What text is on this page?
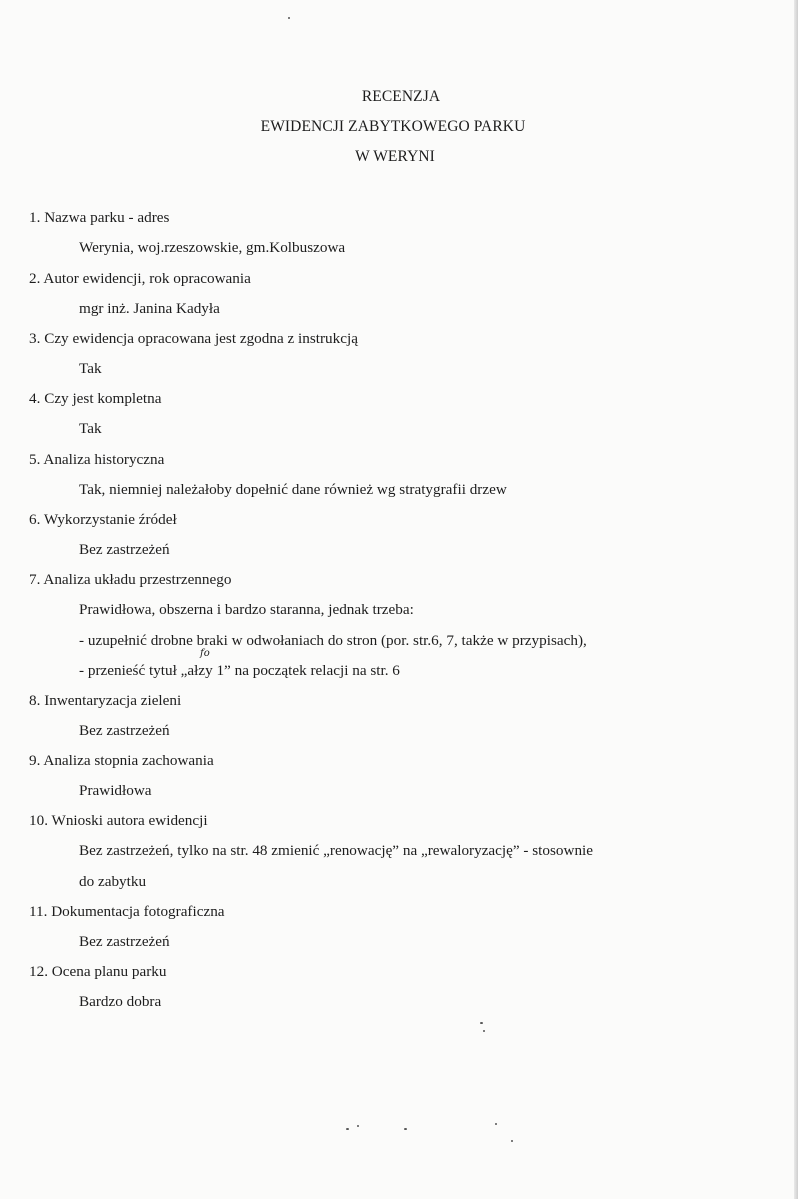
RECENZJA
EWIDENCJI ZABYTKOWEGO PARKU
W WERYNI
1. Nazwa parku - adres
Werynia, woj.rzeszowskie, gm.Kolbuszowa
2. Autor ewidencji, rok opracowania
mgr inż. Janina Kadyła
3. Czy ewidencja opracowana jest zgodna z instrukcją
Tak
4. Czy jest kompletna
Tak
5. Analiza historyczna
Tak, niemniej należałoby dopełnić dane również wg stratygrafii drzew
6. Wykorzystanie źródeł
Bez zastrzeżeń
7. Analiza układu przestrzennego
Prawidłowa, obszerna i bardzo staranna, jednak trzeba:
- uzupełnić drobne braki w odwołaniach do stron (por. str.6, 7, także w przypisach),
fo
- przenieść tytuł „ałzy 1” na początek relacji na str. 6
8. Inwentaryzacja zieleni
Bez zastrzeżeń
9. Analiza stopnia zachowania
Prawidłowa
10. Wnioski autora ewidencji
Bez zastrzeżeń, tylko na str. 48 zmienić „renowację” na „rewaloryzację” - stosownie
do zabytku
11. Dokumentacja fotograficzna
Bez zastrzeżeń
12. Ocena planu parku
Bardzo dobra
